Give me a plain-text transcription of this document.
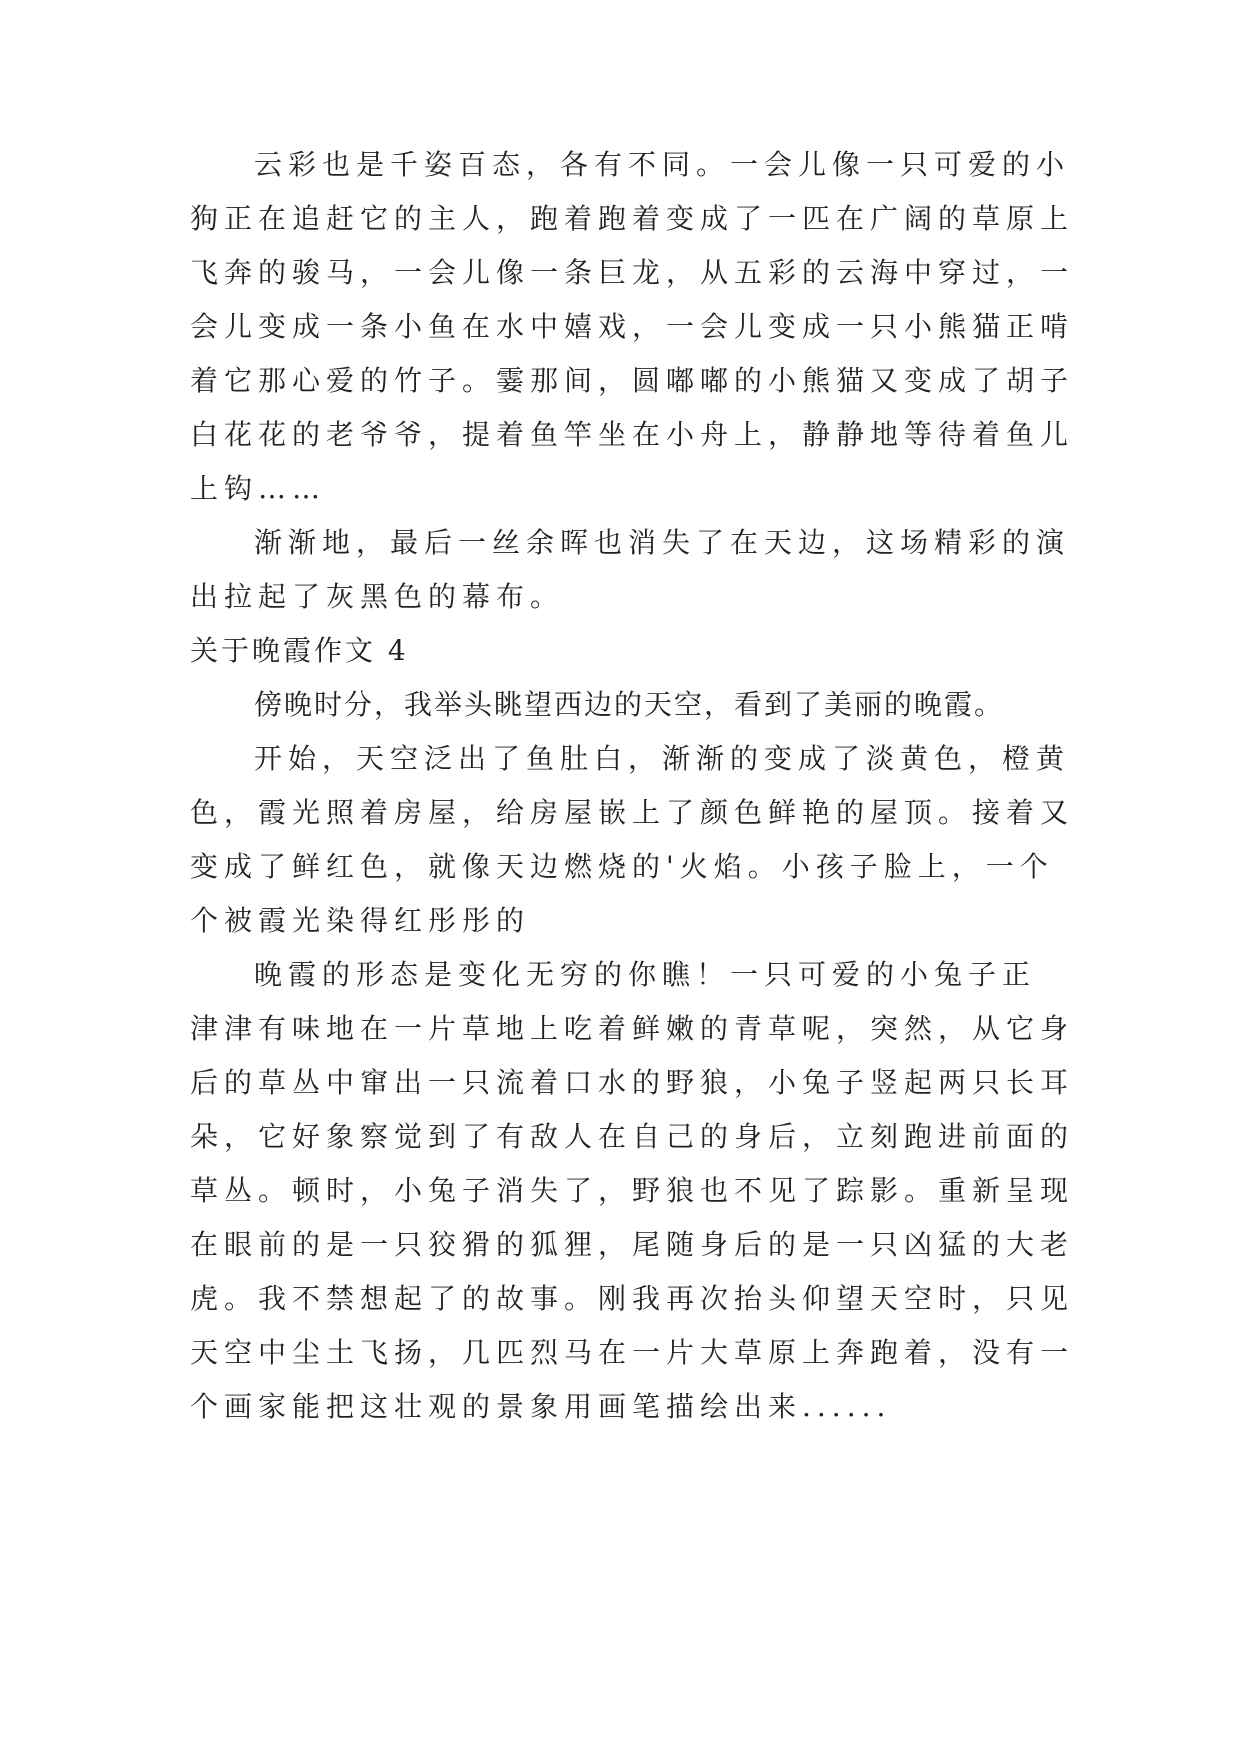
云彩也是千姿百态，各有不同。一会儿像一只可爱的小
狗正在追赶它的主人，跑着跑着变成了一匹在广阔的草原上
飞奔的骏马，一会儿像一条巨龙，从五彩的云海中穿过，一
会儿变成一条小鱼在水中嬉戏，一会儿变成一只小熊猫正啃
着它那心爱的竹子。霎那间，圆嘟嘟的小熊猫又变成了胡子
白花花的老爷爷，提着鱼竿坐在小舟上，静静地等待着鱼儿
上钩……
渐渐地，最后一丝余晖也消失了在天边，这场精彩的演
出拉起了灰黑色的幕布。
关于晚霞作文 4
傍晚时分，我举头眺望西边的天空，看到了美丽的晚霞。
开始，天空泛出了鱼肚白，渐渐的变成了淡黄色，橙黄
色，霞光照着房屋，给房屋嵌上了颜色鲜艳的屋顶。接着又
变成了鲜红色，就像天边燃烧的'火焰。小孩子脸上，一个
个被霞光染得红彤彤的
晚霞的形态是变化无穷的你瞧！一只可爱的小兔子正
津津有味地在一片草地上吃着鲜嫩的青草呢，突然，从它身
后的草丛中窜出一只流着口水的野狼，小兔子竖起两只长耳
朵，它好象察觉到了有敌人在自己的身后，立刻跑进前面的
草丛。顿时，小兔子消失了，野狼也不见了踪影。重新呈现
在眼前的是一只狡猾的狐狸，尾随身后的是一只凶猛的大老
虎。我不禁想起了的故事。刚我再次抬头仰望天空时，只见
天空中尘土飞扬，几匹烈马在一片大草原上奔跑着，没有一
个画家能把这壮观的景象用画笔描绘出来......
